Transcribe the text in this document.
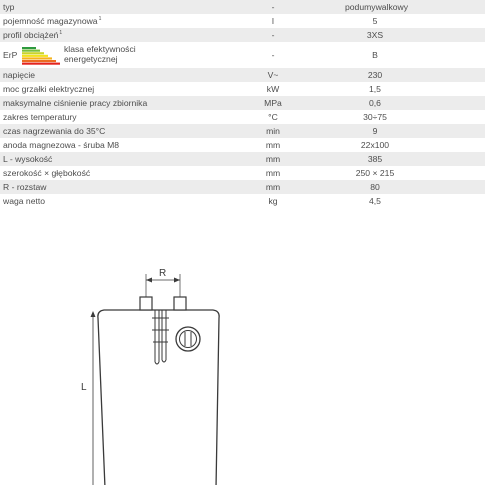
typ	-	podumywalkowy
pojemność magazynowa$^1$	l	5
profil obciążeń$^1$	-	3XS
ErP
klasa efektywności
energetycznej	-	B
napięcie	V~	230
moc grzałki elektrycznej	kW	1,5
maksymalne ciśnienie pracy zbiornika	MPa	0,6
zakres temperatury	°C	30÷75
czas nagrzewania do 35°C	min	9
anoda magnezowa - śruba M8	mm	22x100
L - wysokość	mm	385
szerokość × głębokość	mm	250 × 215
R - rozstaw	mm	80
waga netto	kg	4,5
R
L
